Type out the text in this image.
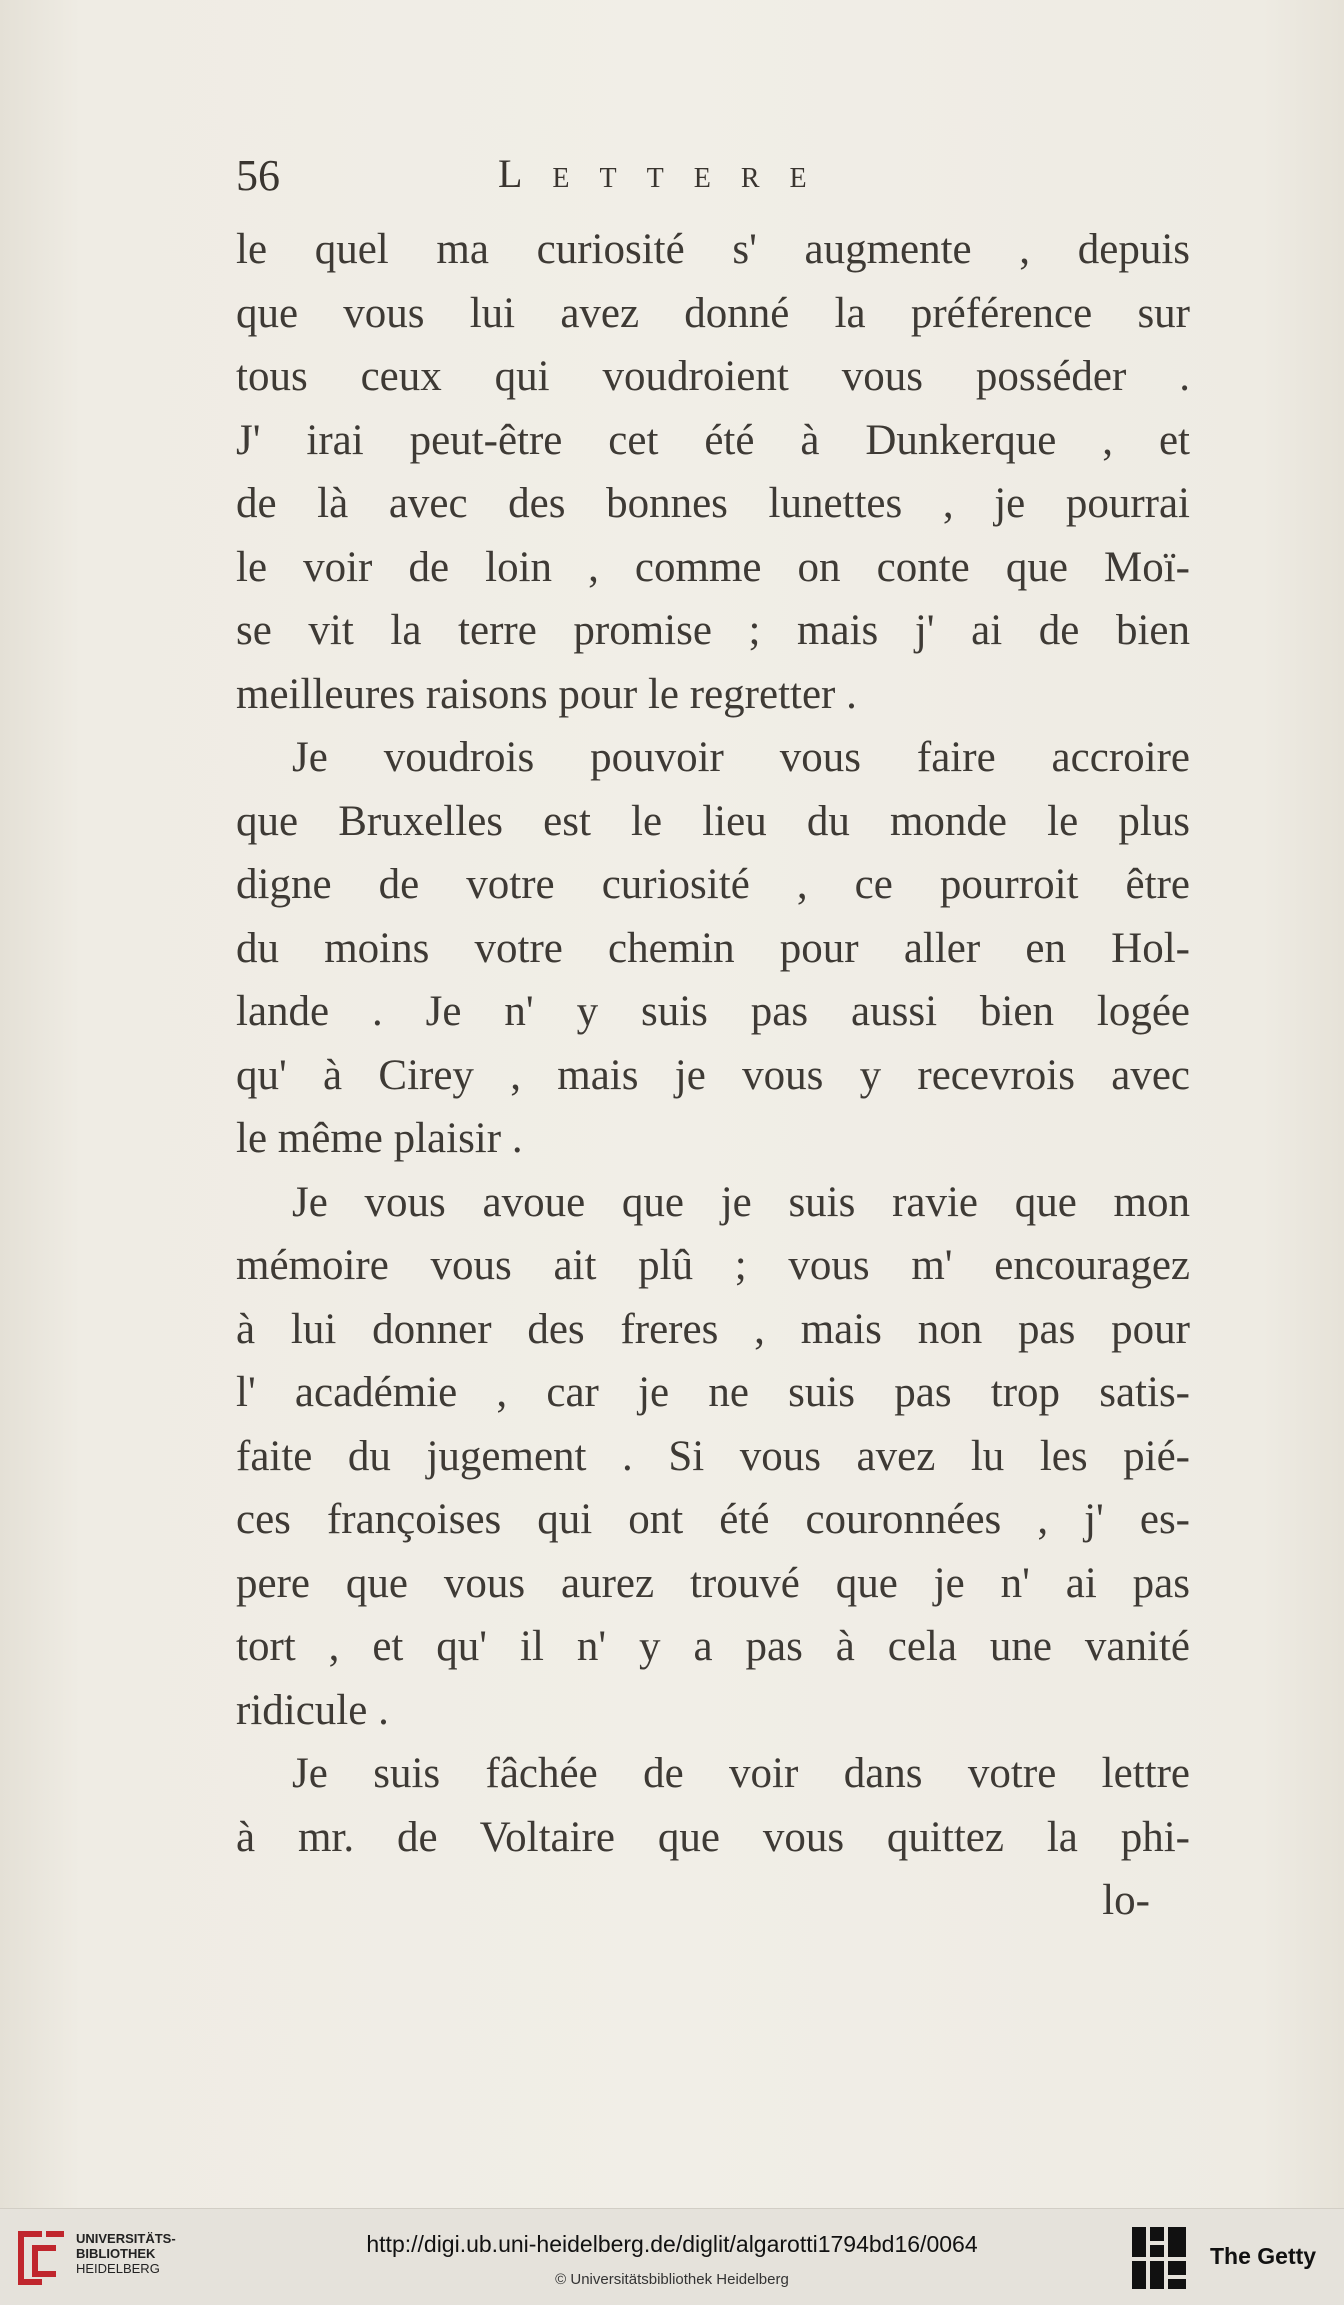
56	Lettere
le quel ma curiosité s' augmente , depuis
que vous lui avez donné la préférence sur
tous ceux qui voudroient vous posséder .
J' irai peut-être cet été à Dunkerque , et
de là avec des bonnes lunettes , je pourrai
le voir de loin , comme on conte que Moï-
se vit la terre promise ; mais j' ai de bien
meilleures raisons pour le regretter .
Je voudrois pouvoir vous faire accroire
que Bruxelles est le lieu du monde le plus
digne de votre curiosité , ce pourroit être
du moins votre chemin pour aller en Hol-
lande . Je n' y suis pas aussi bien logée
qu' à Cirey , mais je vous y recevrois avec
le même plaisir .
Je vous avoue que je suis ravie que mon
mémoire vous ait plû ; vous m' encouragez
à lui donner des freres , mais non pas pour
l' académie , car je ne suis pas trop satis-
faite du jugement . Si vous avez lu les pié-
ces françoises qui ont été couronnées , j' es-
pere que vous aurez trouvé que je n' ai pas
tort , et qu' il n' y a pas à cela une vanité
ridicule .
Je suis fâchée de voir dans votre lettre
à mr. de Voltaire que vous quittez la phi-
lo-
UNIVERSITÄTS-
BIBLIOTHEK
HEIDELBERG
http://digi.ub.uni-heidelberg.de/diglit/algarotti1794bd16/0064
© Universitätsbibliothek Heidelberg
The Getty
